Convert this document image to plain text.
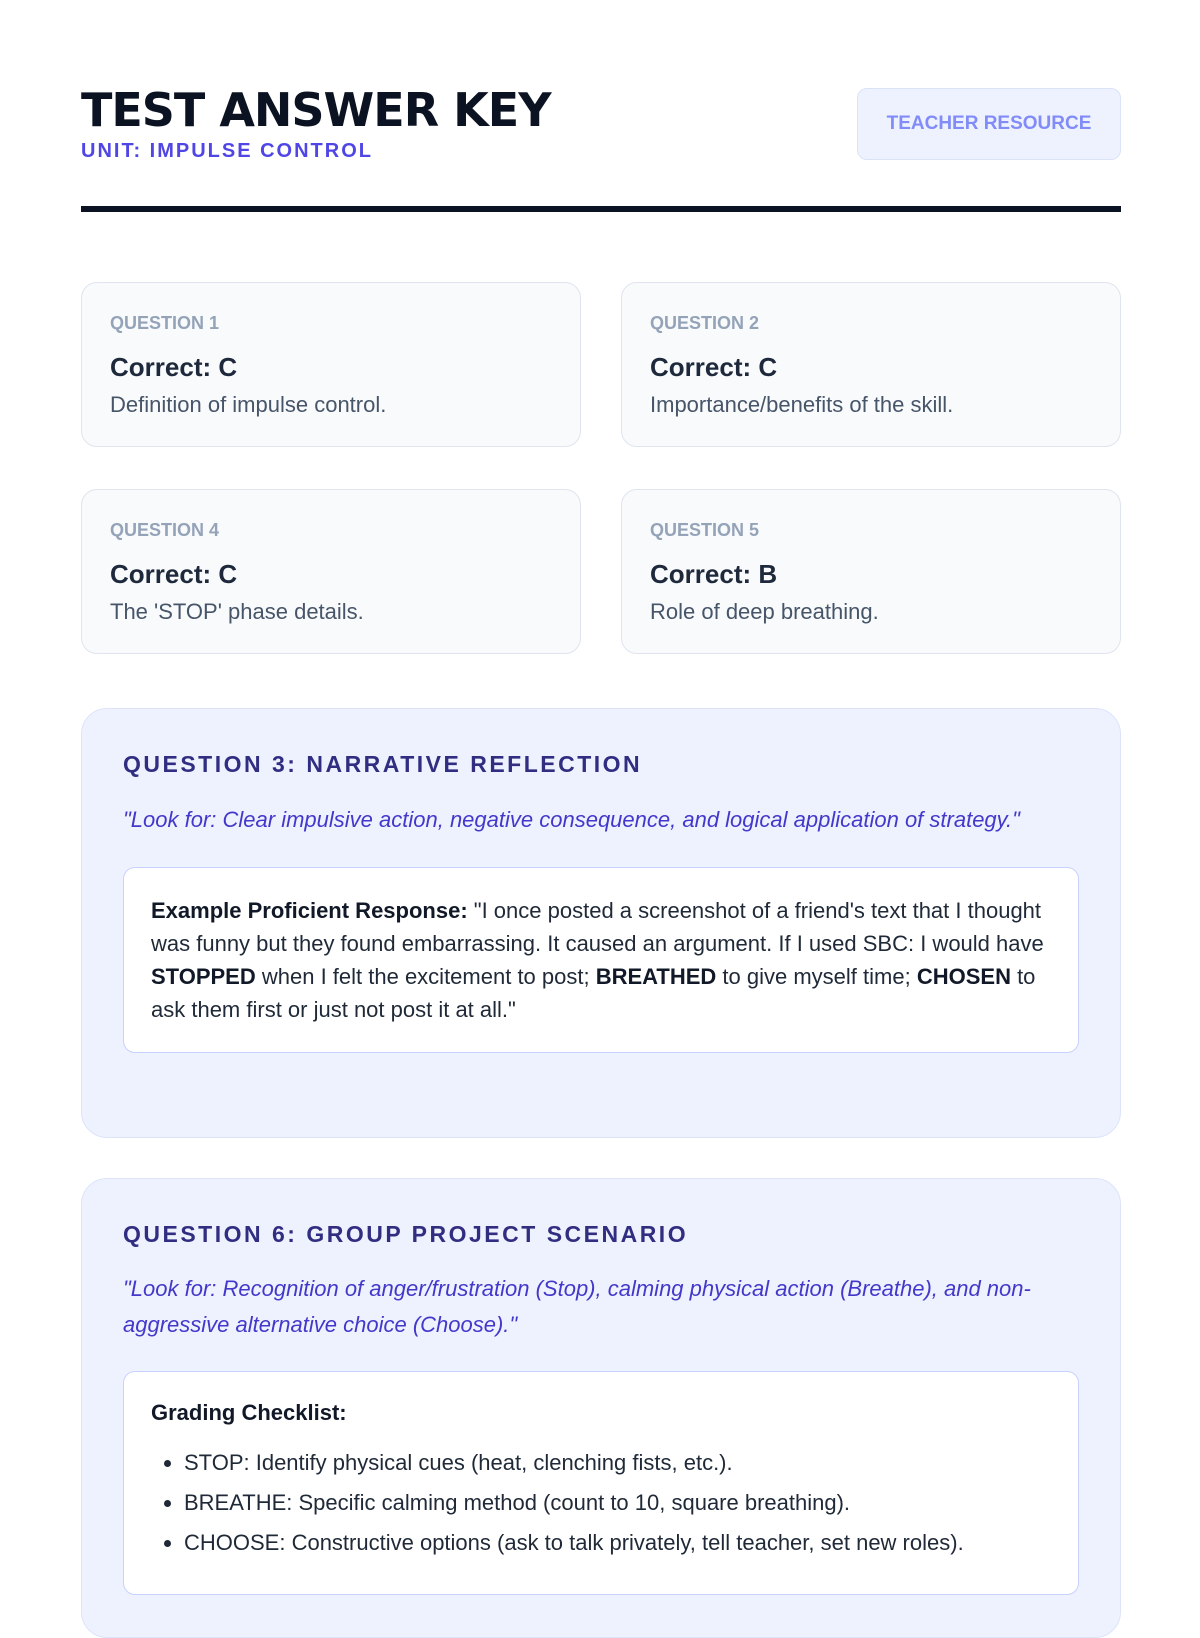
TEST ANSWER KEY
UNIT: IMPULSE CONTROL
TEACHER RESOURCE
QUESTION 1
Correct: C
Definition of impulse control.
QUESTION 2
Correct: C
Importance/benefits of the skill.
QUESTION 4
Correct: C
The 'STOP' phase details.
QUESTION 5
Correct: B
Role of deep breathing.
QUESTION 3: NARRATIVE REFLECTION
"Look for: Clear impulsive action, negative consequence, and logical application of strategy."
Example Proficient Response: "I once posted a screenshot of a friend's text that I thought was funny but they found embarrassing. It caused an argument. If I used SBC: I would have STOPPED when I felt the excitement to post; BREATHED to give myself time; CHOSEN to ask them first or just not post it at all."
QUESTION 6: GROUP PROJECT SCENARIO
"Look for: Recognition of anger/frustration (Stop), calming physical action (Breathe), and non-aggressive alternative choice (Choose)."
Grading Checklist:
• STOP: Identify physical cues (heat, clenching fists, etc.).
• BREATHE: Specific calming method (count to 10, square breathing).
• CHOOSE: Constructive options (ask to talk privately, tell teacher, set new roles).
